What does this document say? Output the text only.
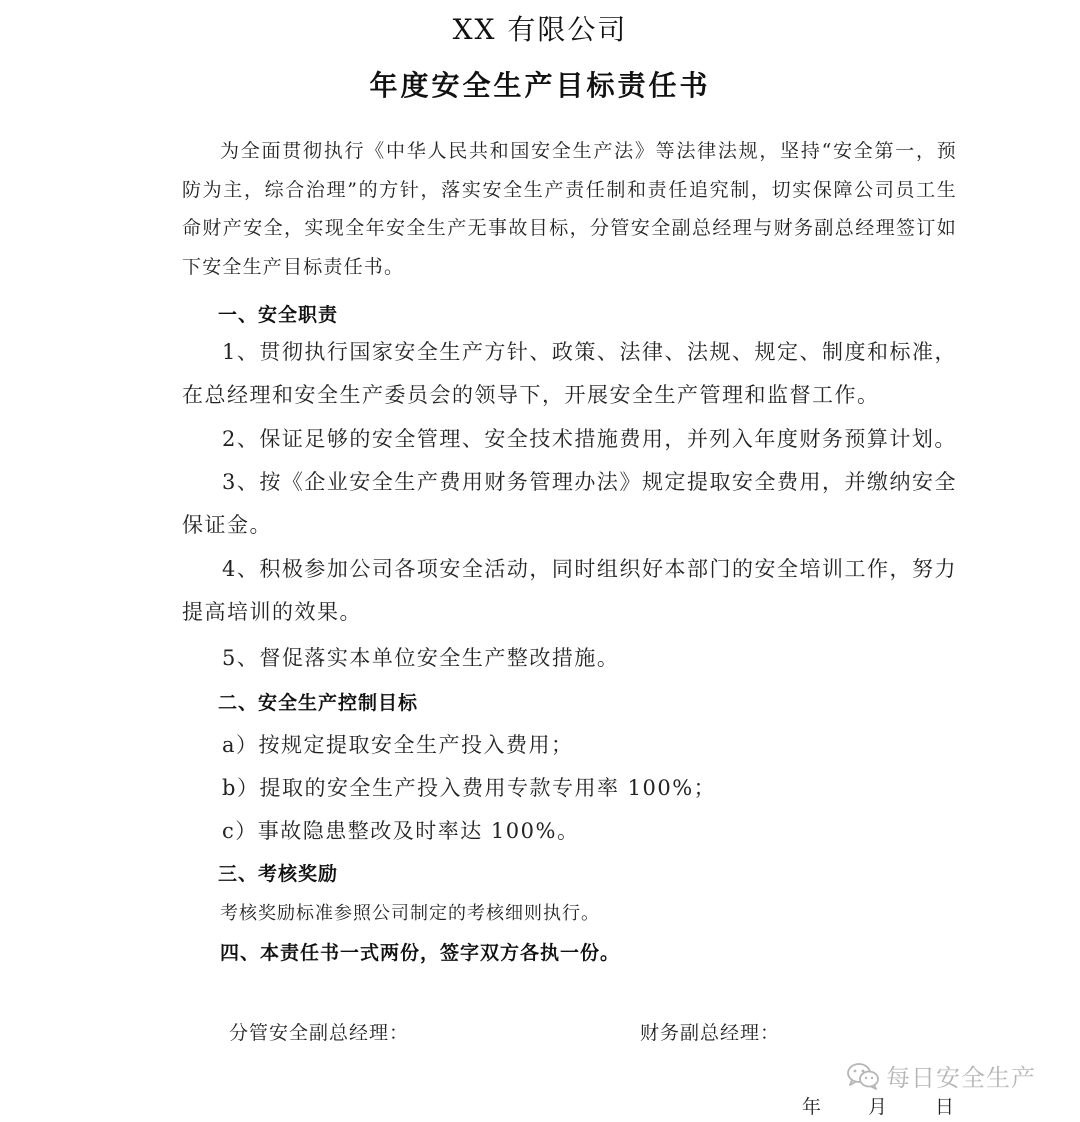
XX 有限公司
年度安全生产目标责任书
为全面贯彻执行《中华人民共和国安全生产法》等法律法规，坚持“安全第一，预防为主，综合治理”的方针，落实安全生产责任制和责任追究制，切实保障公司员工生命财产安全，实现全年安全生产无事故目标，分管安全副总经理与财务副总经理签订如下安全生产目标责任书。
一、安全职责
1、贯彻执行国家安全生产方针、政策、法律、法规、规定、制度和标准，在总经理和安全生产委员会的领导下，开展安全生产管理和监督工作。
2、保证足够的安全管理、安全技术措施费用，并列入年度财务预算计划。
3、按《企业安全生产费用财务管理办法》规定提取安全费用，并缴纳安全保证金。
4、积极参加公司各项安全活动，同时组织好本部门的安全培训工作，努力提高培训的效果。
5、督促落实本单位安全生产整改措施。
二、安全生产控制目标
a）按规定提取安全生产投入费用；
b）提取的安全生产投入费用专款专用率 100%；
c）事故隐患整改及时率达 100%。
三、考核奖励
考核奖励标准参照公司制定的考核细则执行。
四、本责任书一式两份，签字双方各执一份。
分管安全副总经理：	财务副总经理：
每日安全生产
年 月	日
